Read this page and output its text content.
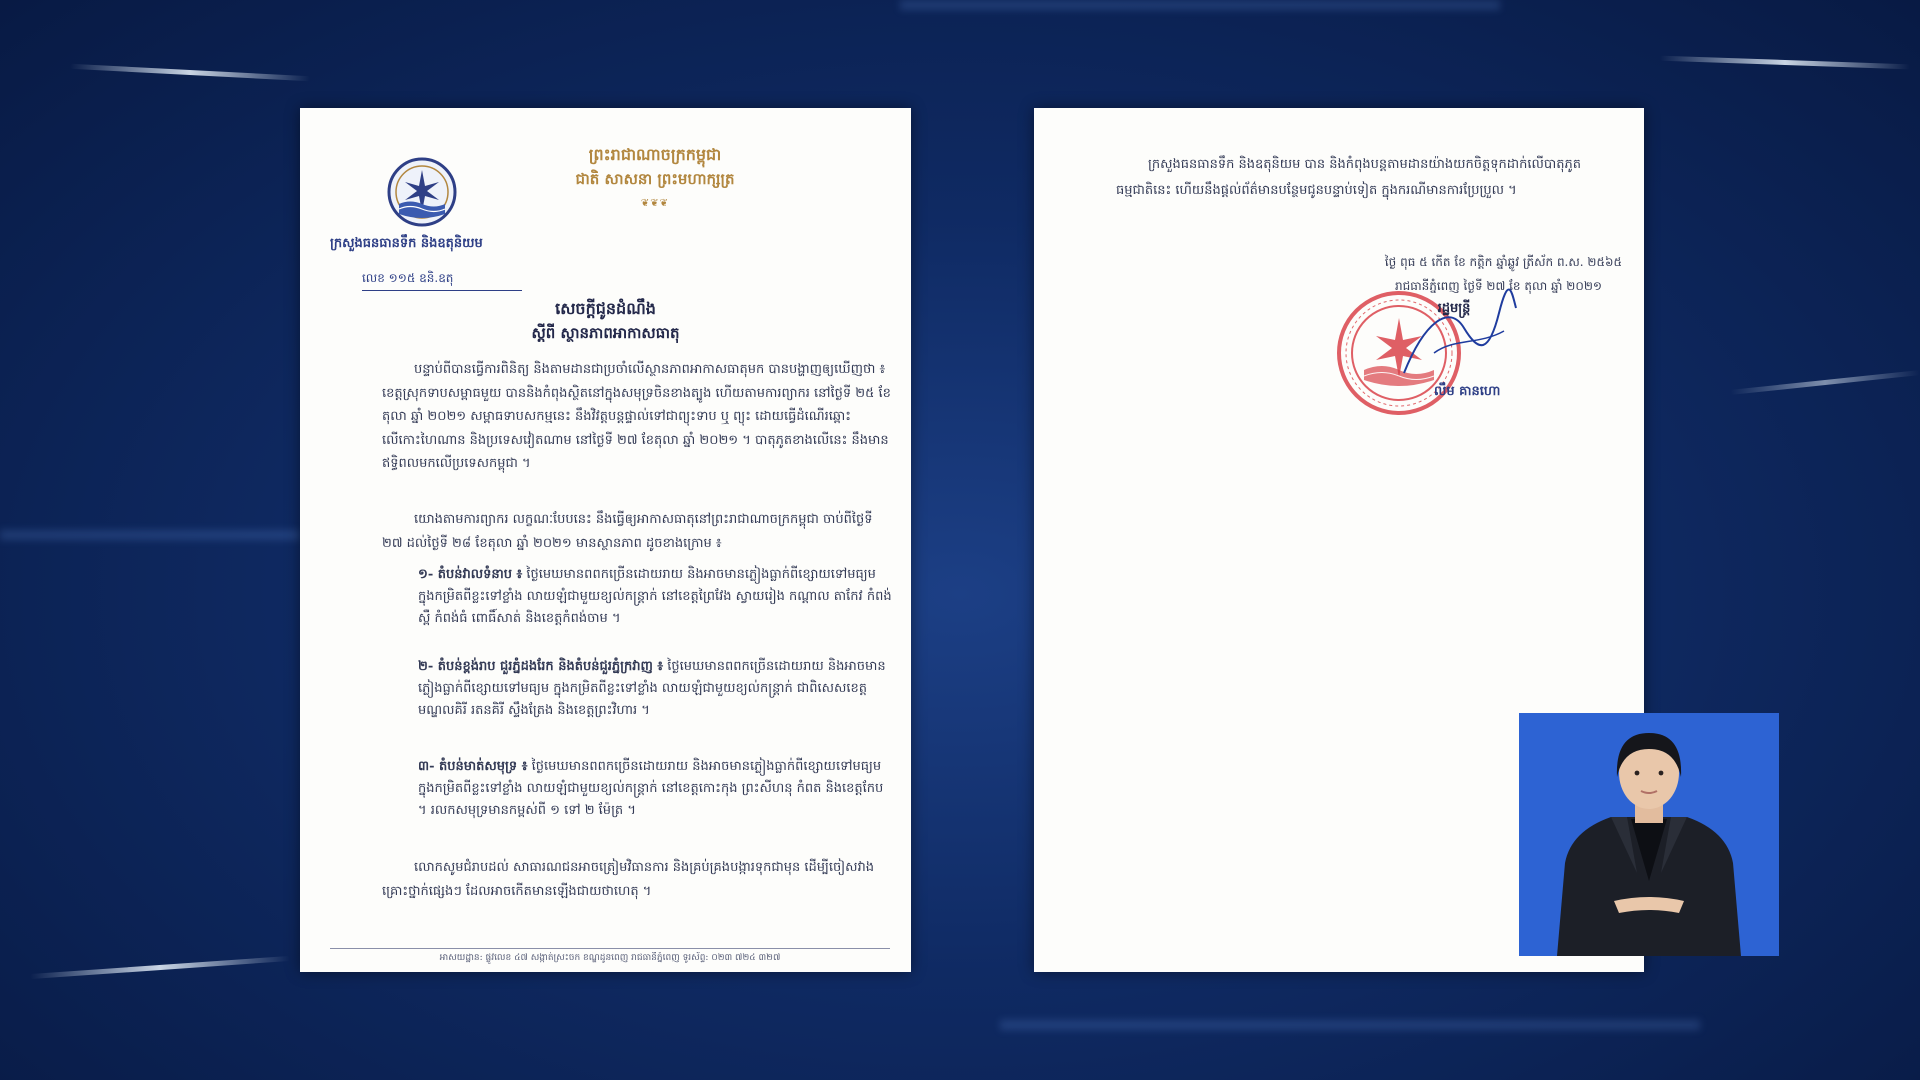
ក្រសួងធនធានទឹក និងឧតុនិយម
លេខ ១១៥ ឧនិ.ឧតុ
ព្រះរាជាណាចក្រកម្ពុជា
ជាតិ សាសនា ព្រះមហាក្សត្រ
❦❦❦
សេចក្តីជូនដំណឹង
ស្តីពី ស្ថានភាពអាកាសធាតុ

បន្ទាប់ពីបានធ្វើការពិនិត្យ និងតាមដានជាប្រចាំលើស្ថានភាពអាកាសធាតុមក បានបង្ហាញឲ្យឃើញថា ៖ ខេត្តស្រុកទាបសម្ពាធមួយ បាននិងកំពុងស្ថិតនៅក្នុងសមុទ្រចិនខាងត្បូង ហើយតាមការព្យាករ នៅថ្ងៃទី ២៥ ខែតុលា ឆ្នាំ ២០២១ សម្ពាធទាបសកម្មនេះ នឹងវិវត្តបន្តផ្ទាល់ទៅជាព្យុះទាប ឬ ព្យុះ ដោយធ្វើដំណើរឆ្ពោះលើកោះហៃណាន និងប្រទេសវៀតណាម នៅថ្ងៃទី ២៧ ខែតុលា ឆ្នាំ ២០២១ ។ បាតុភូតខាងលើនេះ នឹងមានឥទ្ធិពលមកលើប្រទេសកម្ពុជា ។

យោងតាមការព្យាករ លក្ខណៈបែបនេះ នឹងធ្វើឲ្យអាកាសធាតុនៅព្រះរាជាណាចក្រកម្ពុជា ចាប់ពីថ្ងៃទី ២៧ ដល់ថ្ងៃទី ២៨ ខែតុលា ឆ្នាំ ២០២១ មានស្ថានភាព ដូចខាងក្រោម ៖

១- តំបន់វាលទំនាប ៖ ថ្ងៃមេឃមានពពកច្រើនដោយរាយ និងអាចមានភ្លៀងធ្លាក់ពីខ្សោយទៅមធ្យម ក្នុងកម្រិតពីខ្លះទៅខ្លាំង លាយឡំជាមួយខ្យល់កន្ត្រាក់ នៅខេត្តព្រៃវែង ស្វាយរៀង កណ្តាល តាកែវ កំពង់ស្ពឺ កំពង់ធំ ពោធិ៍សាត់ និងខេត្តកំពង់ចាម ។

២- តំបន់ខ្ពង់រាប ជួរភ្នំដងរែក និងតំបន់ជួរភ្នំក្រវាញ ៖ ថ្ងៃមេឃមានពពកច្រើនដោយរាយ និងអាចមានភ្លៀងធ្លាក់ពីខ្សោយទៅមធ្យម ក្នុងកម្រិតពីខ្លះទៅខ្លាំង លាយឡំជាមួយខ្យល់កន្ត្រាក់ ជាពិសេសខេត្តមណ្ឌលគិរី រតនគិរី ស្ទឹងត្រែង និងខេត្តព្រះវិហារ ។

៣- តំបន់មាត់សមុទ្រ ៖ ថ្ងៃមេឃមានពពកច្រើនដោយរាយ និងអាចមានភ្លៀងធ្លាក់ពីខ្សោយទៅមធ្យម ក្នុងកម្រិតពីខ្លះទៅខ្លាំង លាយឡំជាមួយខ្យល់កន្ត្រាក់ នៅខេត្តកោះកុង ព្រះសីហនុ កំពត និងខេត្តកែប ។ រលកសមុទ្រមានកម្ពស់ពី ១ ទៅ ២ ម៉ែត្រ ។

លោកសូមជំរាបដល់ សាធារណជនអាចត្រៀមវិធានការ និងគ្រប់គ្រងបង្ការទុកជាមុន ដើម្បីចៀសវាងគ្រោះថ្នាក់ផ្សេងៗ ដែលអាចកើតមានឡើងជាយថាហេតុ ។

អាសយដ្ឋាន: ផ្លូវលេខ ៤៧ សង្កាត់ស្រះចក ខណ្ឌដូនពេញ រាជធានីភ្នំពេញ ទូរស័ព្ទ: ០២៣ ៧២៤ ៣២៧

ក្រសួងធនធានទឹក និងឧតុនិយម បាន និងកំពុងបន្តតាមដានយ៉ាងយកចិត្តទុកដាក់លើបាតុភូតធម្មជាតិនេះ ហើយនឹងផ្តល់ព័ត៌មានបន្ថែមជូនបន្ទាប់ទៀត ក្នុងករណីមានការប្រែប្រួល ។

ថ្ងៃ ពុធ ៥ កើត ខែ កត្តិក ឆ្នាំឆ្លូវ ត្រីស័ក ព.ស. ២៥៦៥
រាជធានីភ្នំពេញ ថ្ងៃទី ២៧ ខែ តុលា ឆ្នាំ ២០២១
រដ្ឋមន្ត្រី
លឹម គានហោ
